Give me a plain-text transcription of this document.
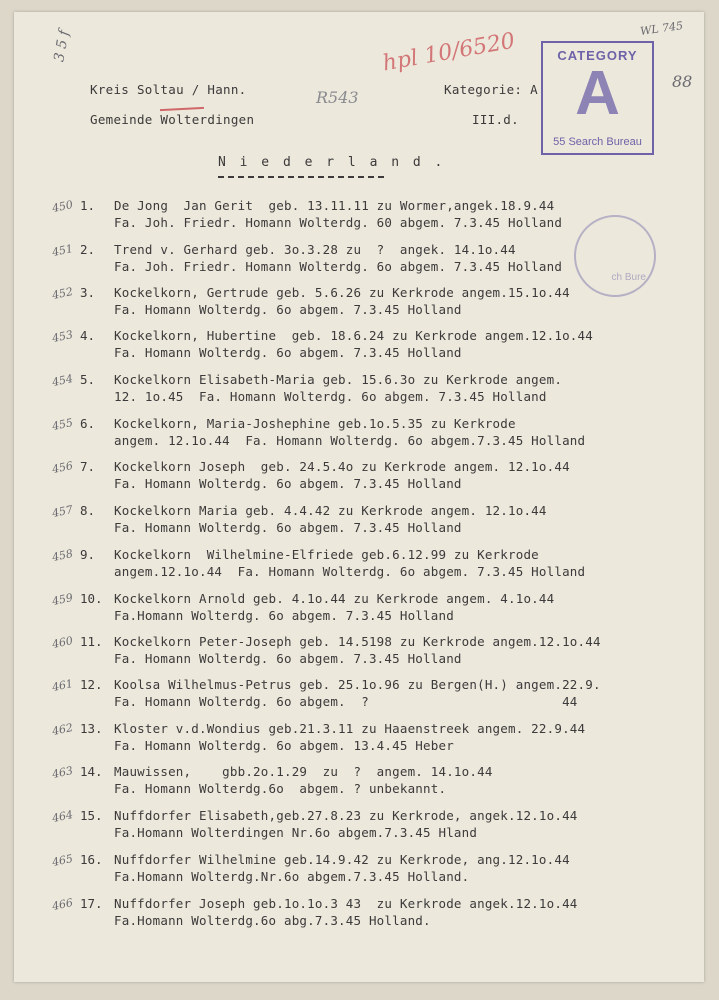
3 5 f
WL 745
R543
hpl 10/6520
88
CATEGORY
A
55 Search Bureau
ch Bure
Kreis Soltau / Hann.	Kategorie: A
Gemeinde Wolterdingen	III.d.
N i e d e r l a n d .
450 1. De Jong  Jan Gerit  geb. 13.11.11 zu Wormer,angek.18.9.44
Fa. Joh. Friedr. Homann Wolterdg. 60 abgem. 7.3.45 Holland
451 2. Trend v. Gerhard geb. 3o.3.28 zu  ?  angek. 14.1o.44
Fa. Joh. Friedr. Homann Wolterdg. 6o abgem. 7.3.45 Holland
452 3. Kockelkorn, Gertrude geb. 5.6.26 zu Kerkrode angem.15.1o.44
Fa. Homann Wolterdg. 6o abgem. 7.3.45 Holland
453 4. Kockelkorn, Hubertine  geb. 18.6.24 zu Kerkrode angem.12.1o.44
Fa. Homann Wolterdg. 6o abgem. 7.3.45 Holland
454 5. Kockelkorn Elisabeth-Maria geb. 15.6.3o zu Kerkrode angem.
12. 1o.45  Fa. Homann Wolterdg. 6o abgem. 7.3.45 Holland
455 6. Kockelkorn, Maria-Joshephine geb.1o.5.35 zu Kerkrode
angem. 12.1o.44  Fa. Homann Wolterdg. 6o abgem.7.3.45 Holland
456 7. Kockelkorn Joseph  geb. 24.5.4o zu Kerkrode angem. 12.1o.44
Fa. Homann Wolterdg. 6o abgem. 7.3.45 Holland
457 8. Kockelkorn Maria geb. 4.4.42 zu Kerkrode angem. 12.1o.44
Fa. Homann Wolterdg. 6o abgem. 7.3.45 Holland
458 9. Kockelkorn  Wilhelmine-Elfriede geb.6.12.99 zu Kerkrode
angem.12.1o.44  Fa. Homann Wolterdg. 6o abgem. 7.3.45 Holland
459 10. Kockelkorn Arnold geb. 4.1o.44 zu Kerkrode angem. 4.1o.44
Fa.Homann Wolterdg. 6o abgem. 7.3.45 Holland
460 11. Kockelkorn Peter-Joseph geb. 14.5198 zu Kerkrode angem.12.1o.44
Fa. Homann Wolterdg. 6o abgem. 7.3.45 Holland
461 12. Koolsa Wilhelmus-Petrus geb. 25.1o.96 zu Bergen(H.) angem.22.9.
Fa. Homann Wolterdg. 6o abgem.  ?                         44
462 13. Kloster v.d.Wondius geb.21.3.11 zu Haaenstreek angem. 22.9.44
Fa. Homann Wolterdg. 6o abgem. 13.4.45 Heber
463 14. Mauwissen,    gbb.2o.1.29  zu  ?  angem. 14.1o.44
Fa. Homann Wolterdg.6o  abgem. ? unbekannt.
464 15. Nuffdorfer Elisabeth,geb.27.8.23 zu Kerkrode, angek.12.1o.44
Fa.Homann Wolterdingen Nr.6o abgem.7.3.45 Hland
465 16. Nuffdorfer Wilhelmine geb.14.9.42 zu Kerkrode, ang.12.1o.44
Fa.Homann Wolterdg.Nr.6o abgem.7.3.45 Holland.
466 17. Nuffdorfer Joseph geb.1o.1o.3 43  zu Kerkrode angek.12.1o.44
Fa.Homann Wolterdg.6o abg.7.3.45 Holland.
